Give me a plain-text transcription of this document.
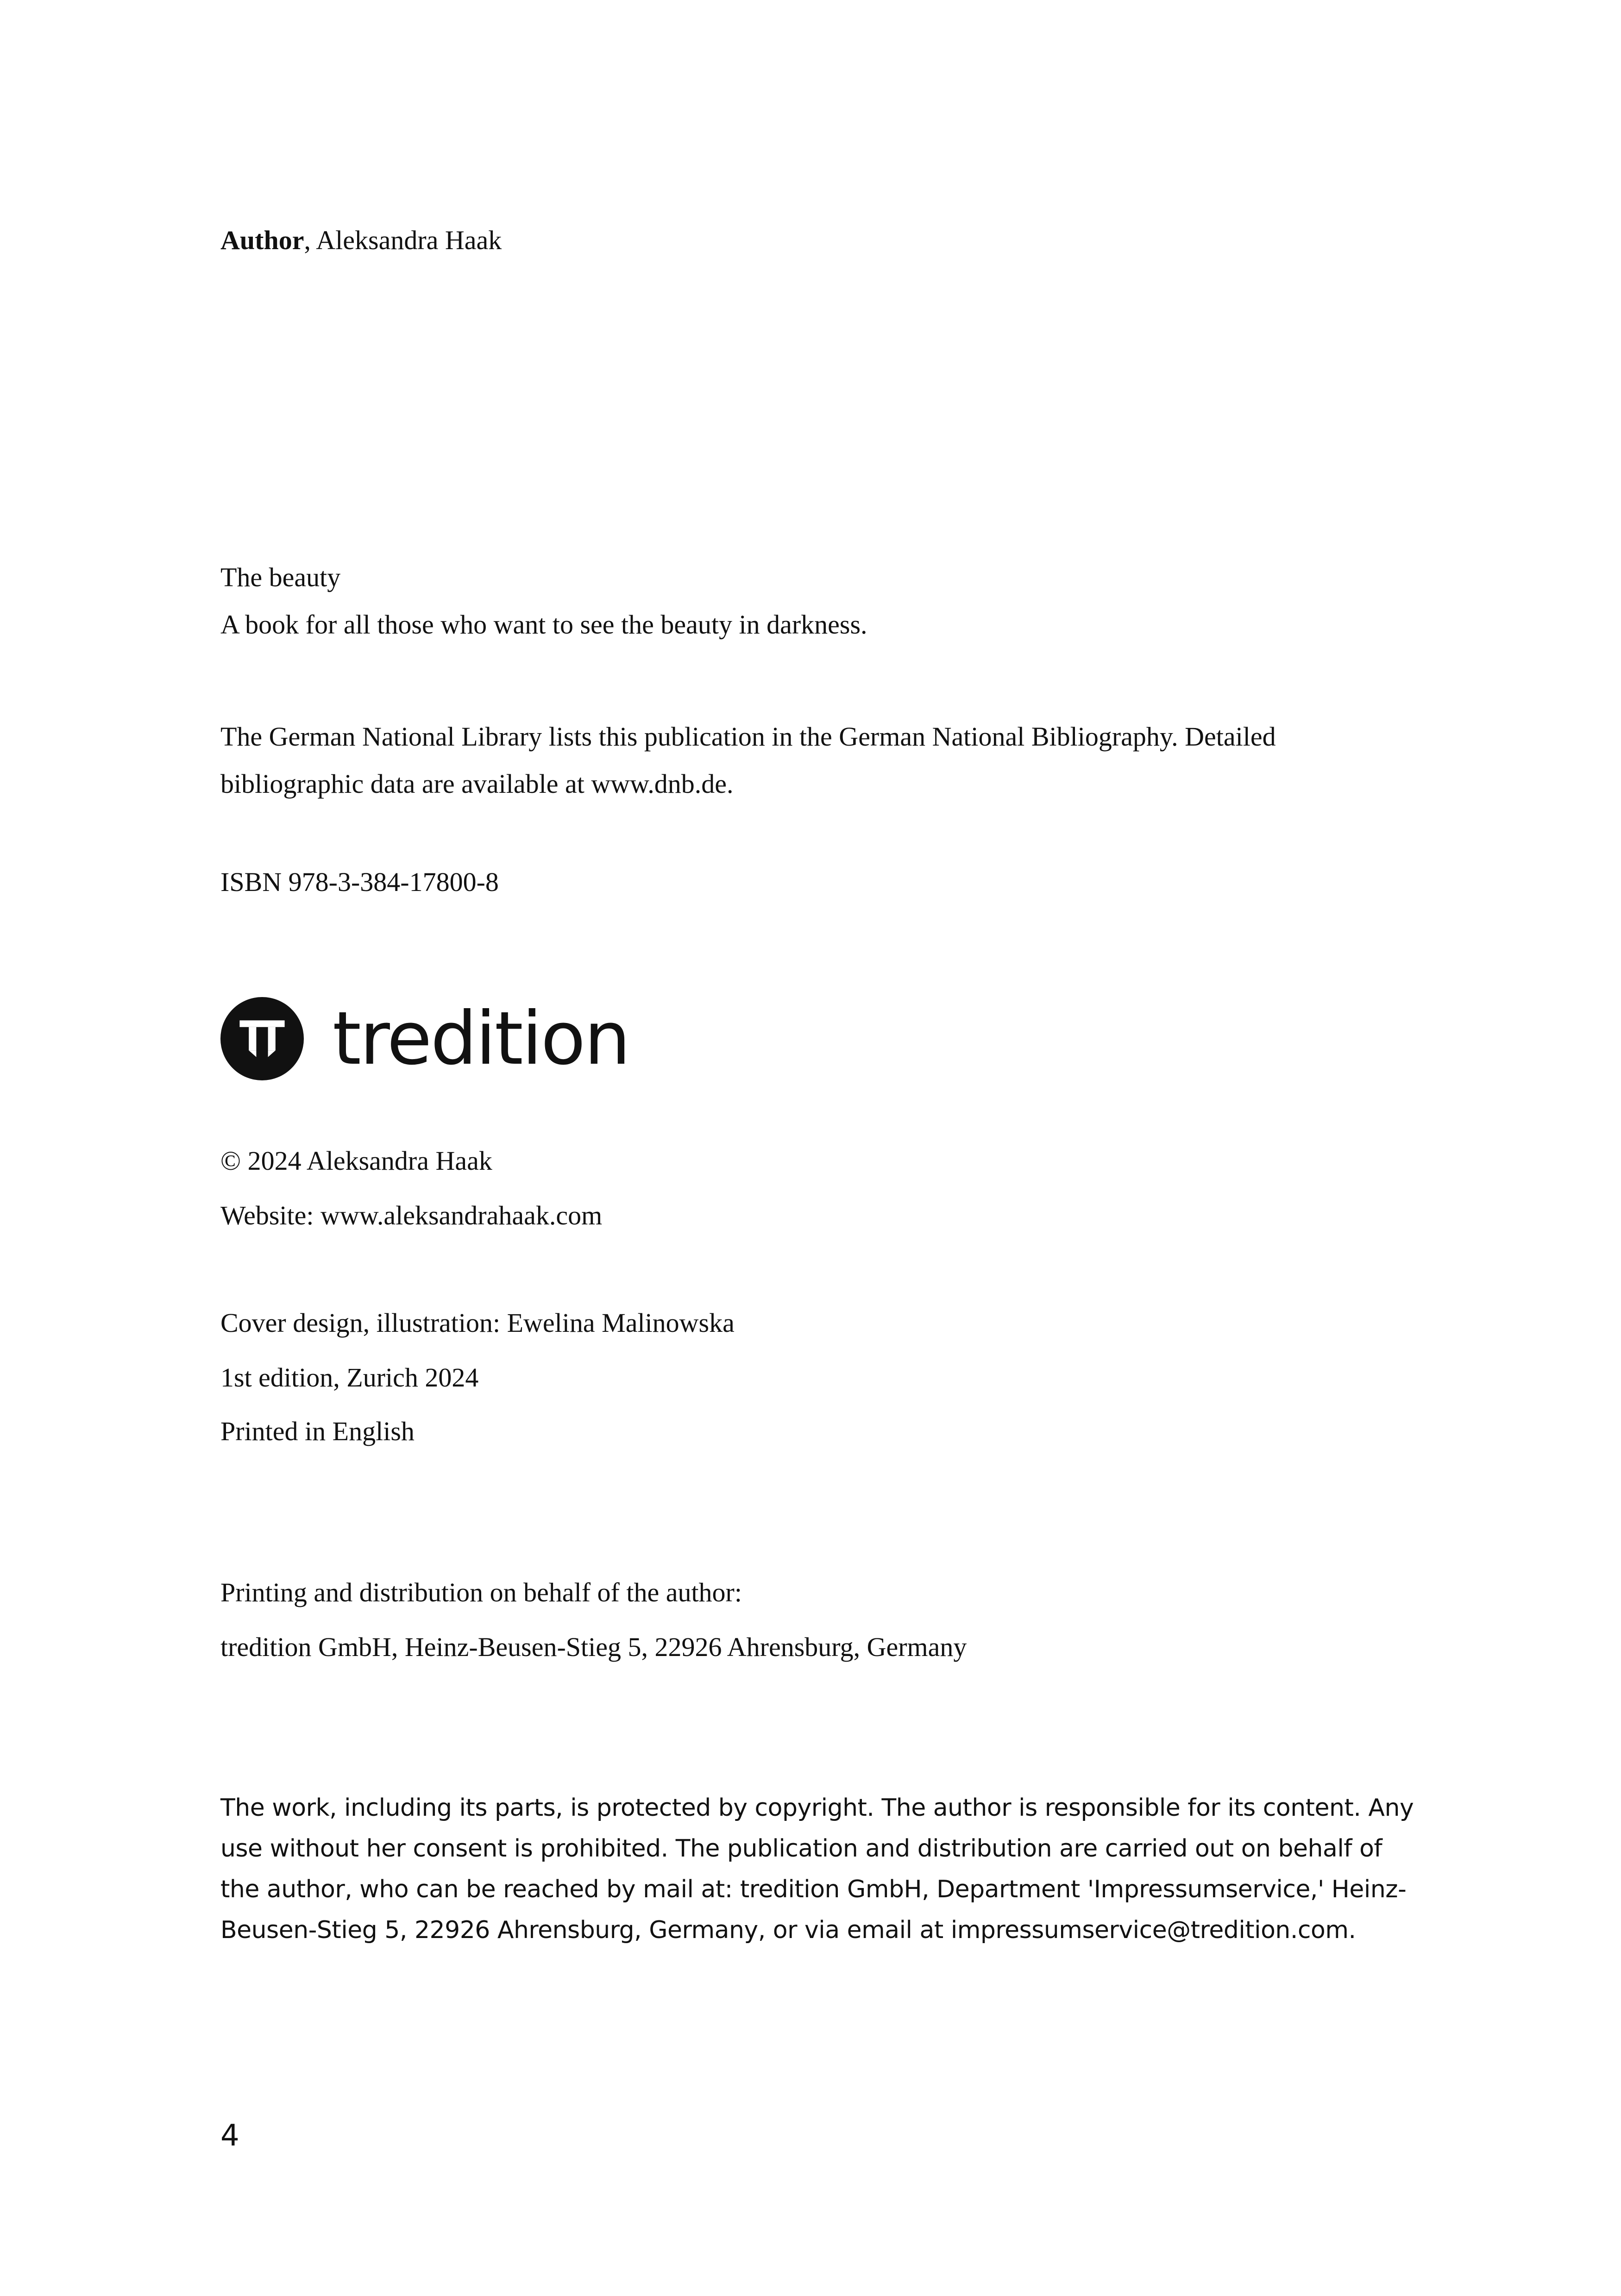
Author, Aleksandra Haak
The beauty
A book for all those who want to see the beauty in darkness.
The German National Library lists this publication in the German National Bibliography. Detailed bibliographic data are available at www.dnb.de.
ISBN 978-3-384-17800-8
tredition
© 2024 Aleksandra Haak
Website: www.aleksandrahaak.com
Cover design, illustration: Ewelina Malinowska
1st edition, Zurich 2024
Printed in English
Printing and distribution on behalf of the author:
tredition GmbH, Heinz-Beusen-Stieg 5, 22926 Ahrensburg, Germany
The work, including its parts, is protected by copyright. The author is responsible for its content. Any use without her consent is prohibited. The publication and distribution are carried out on behalf of the author, who can be reached by mail at: tredition GmbH, Department 'Impressumservice,' Heinz-Beusen-Stieg 5, 22926 Ahrensburg, Germany, or via email at impressumservice@tredition.com.
4
